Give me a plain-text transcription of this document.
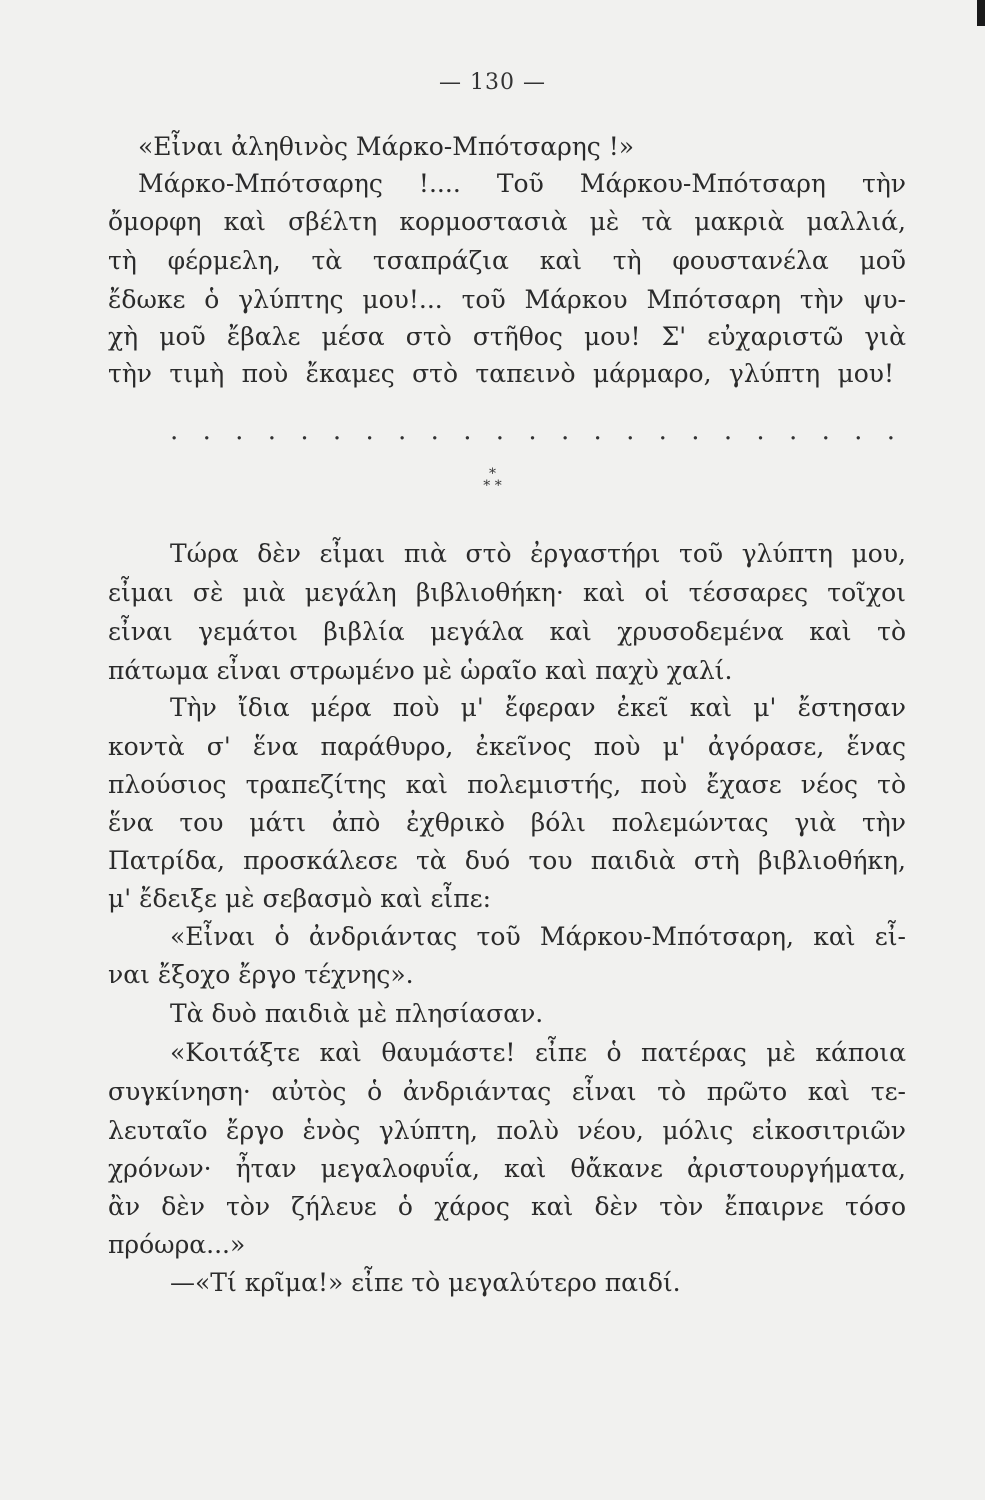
— 130 —
«Εἶναι ἀληθινὸς Μάρκο-Μπότσαρης !»
Μάρκο-Μπότσαρης !.... Τοῦ Μάρκου-Μπότσαρη τὴν
ὄμορφη καὶ σβέλτη κορμοστασιὰ μὲ τὰ μακριὰ μαλλιά,
τὴ φέρμελη, τὰ τσαπράζια καὶ τὴ φουστανέλα μοῦ
ἔδωκε ὁ γλύπτης μου!... τοῦ Μάρκου Μπότσαρη τὴν ψυ-
χὴ μοῦ ἔβαλε μέσα στὸ στῆθος μου! Σ' εὐχαριστῶ γιὰ
τὴν τιμὴ ποὺ ἔκαμες στὸ ταπεινὸ μάρμαρο, γλύπτη μου!
. . . . . . . . . . . . . . . . . . . . . . .
*
* *
Τώρα δὲν εἶμαι πιὰ στὸ ἐργαστήρι τοῦ γλύπτη μου,
εἶμαι σὲ μιὰ μεγάλη βιβλιοθήκη· καὶ οἱ τέσσαρες τοῖχοι
εἶναι γεμάτοι βιβλία μεγάλα καὶ χρυσοδεμένα καὶ τὸ
πάτωμα εἶναι στρωμένο μὲ ὡραῖο καὶ παχὺ χαλί.
Τὴν ἴδια μέρα ποὺ μ' ἔφεραν ἐκεῖ καὶ μ' ἔστησαν
κοντὰ σ' ἕνα παράθυρο, ἐκεῖνος ποὺ μ' ἀγόρασε, ἕνας
πλούσιος τραπεζίτης καὶ πολεμιστής, ποὺ ἔχασε νέος τὸ
ἕνα του μάτι ἀπὸ ἐχθρικὸ βόλι πολεμώντας γιὰ τὴν
Πατρίδα, προσκάλεσε τὰ δυό του παιδιὰ στὴ βιβλιοθήκη,
μ' ἔδειξε μὲ σεβασμὸ καὶ εἶπε:
«Εἶναι ὁ ἀνδριάντας τοῦ Μάρκου-Μπότσαρη, καὶ εἶ-
ναι ἔξοχο ἔργο τέχνης».
Τὰ δυὸ παιδιὰ μὲ πλησίασαν.
«Κοιτάξτε καὶ θαυμάστε! εἶπε ὁ πατέρας μὲ κάποια
συγκίνηση· αὐτὸς ὁ ἀνδριάντας εἶναι τὸ πρῶτο καὶ τε-
λευταῖο ἔργο ἑνὸς γλύπτη, πολὺ νέου, μόλις εἰκοσιτριῶν
χρόνων· ἦταν μεγαλοφυΐα, καὶ θἄκανε ἀριστουργήματα,
ἂν δὲν τὸν ζήλευε ὁ χάρος καὶ δὲν τὸν ἔπαιρνε τόσο
πρόωρα...»
—«Τί κρῖμα!» εἶπε τὸ μεγαλύτερο παιδί.
